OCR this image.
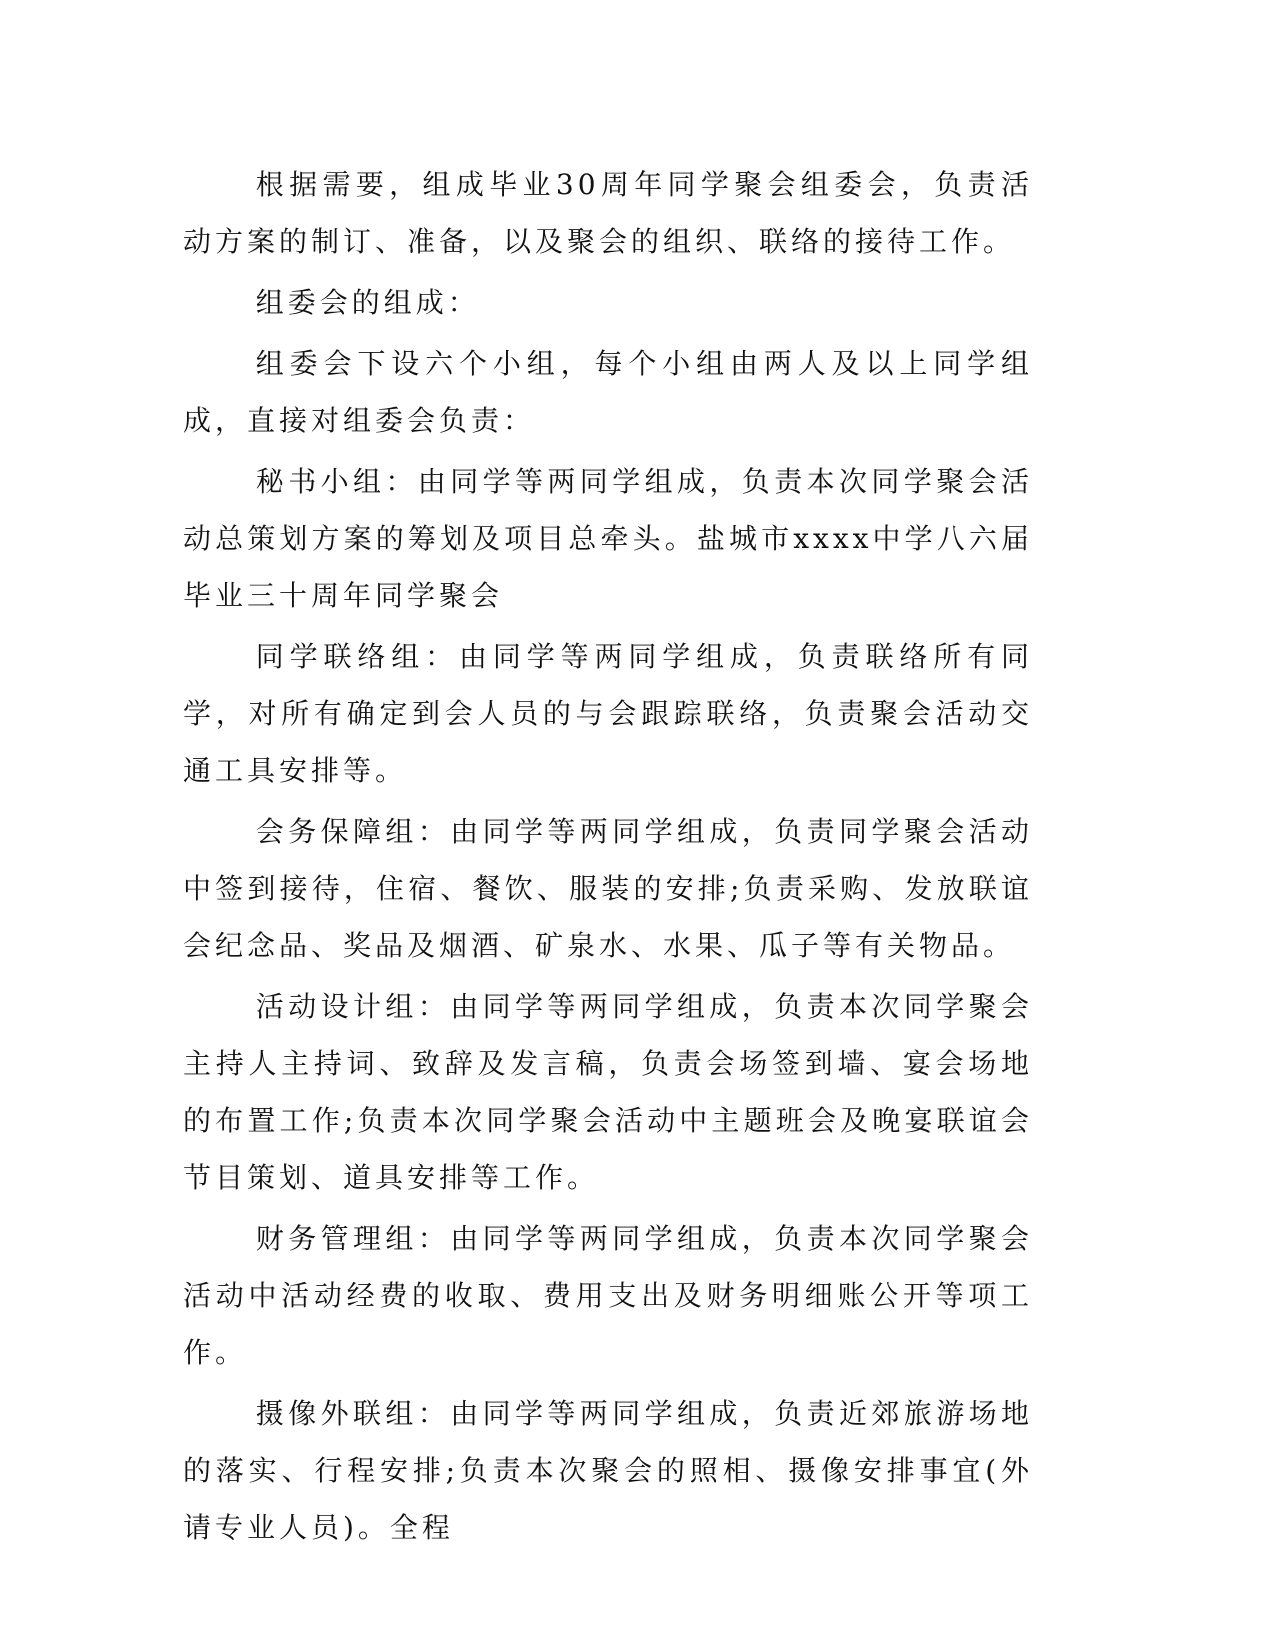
根据需要，组成毕业30周年同学聚会组委会，负责活动方案的制订、准备，以及聚会的组织、联络的接待工作。

组委会的组成：

组委会下设六个小组，每个小组由两人及以上同学组成，直接对组委会负责：

秘书小组：由同学等两同学组成，负责本次同学聚会活动总策划方案的筹划及项目总牵头。盐城市xxxx中学八六届毕业三十周年同学聚会

同学联络组：由同学等两同学组成，负责联络所有同学，对所有确定到会人员的与会跟踪联络，负责聚会活动交通工具安排等。

会务保障组：由同学等两同学组成，负责同学聚会活动中签到接待，住宿、餐饮、服装的安排;负责采购、发放联谊会纪念品、奖品及烟酒、矿泉水、水果、瓜子等有关物品。

活动设计组：由同学等两同学组成，负责本次同学聚会主持人主持词、致辞及发言稿，负责会场签到墙、宴会场地的布置工作;负责本次同学聚会活动中主题班会及晚宴联谊会节目策划、道具安排等工作。

财务管理组：由同学等两同学组成，负责本次同学聚会活动中活动经费的收取、费用支出及财务明细账公开等项工作。

摄像外联组：由同学等两同学组成，负责近郊旅游场地的落实、行程安排;负责本次聚会的照相、摄像安排事宜(外请专业人员)。全程
